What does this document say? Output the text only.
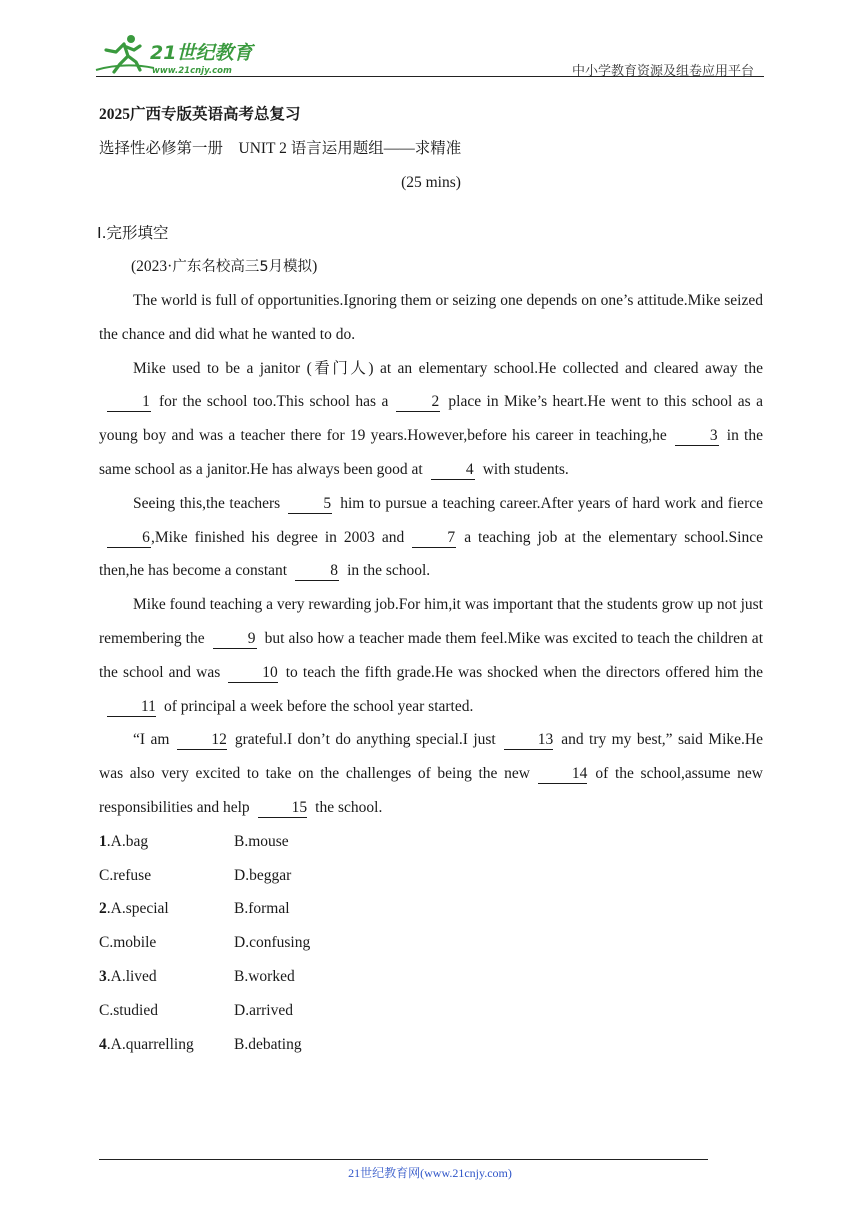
21世纪教育
www.21cnjy.com	中小学教育资源及组卷应用平台
2025广西专版英语高考总复习
选择性必修第一册　UNIT 2 语言运用题组——求精准
(25 mins)
Ⅰ.完形填空
(2023·广东名校高三5月模拟)

The world is full of opportunities.Ignoring them or seizing one depends on one’s attitude.Mike seized the chance and did what he wanted to do.

Mike used to be a janitor (看门人) at an elementary school.He collected and cleared away the1 for the school too.This school has a	2 place in Mike’s heart.He went to this school as a young boy and was a teacher there for 19 years.However,before his career in teaching,he	3 in the same school as a janitor.He has always been good at	4 with students.

Seeing this,the teachers	5 him to pursue a teaching career.After years of hard work and fierce6,Mike finished his degree in 2003 and	7 a teaching job at the elementary school.Since then,he has become a constant	8 in the school.

Mike found teaching a very rewarding job.For him,it was important that the students grow up not just remembering the	9 but also how a teacher made them feel.Mike was excited to teach the children at the school and was	10 to teach the fifth grade.He was shocked when the directors offered him the11 of principal a week before the school year started.

“I am	12 grateful.I don’t do anything special.I just	13 and try my best,” said Mike.He was also very excited to take on the challenges of being the new	14 of the school,assume new responsibilities and help	15 the school.

1.A.bag	B.mouse
C.refuse	D.beggar
2.A.special	B.formal
C.mobile	D.confusing
3.A.lived	B.worked
C.studied	D.arrived
4.A.quarrelling	B.debating
21世纪教育网(www.21cnjy.com)
